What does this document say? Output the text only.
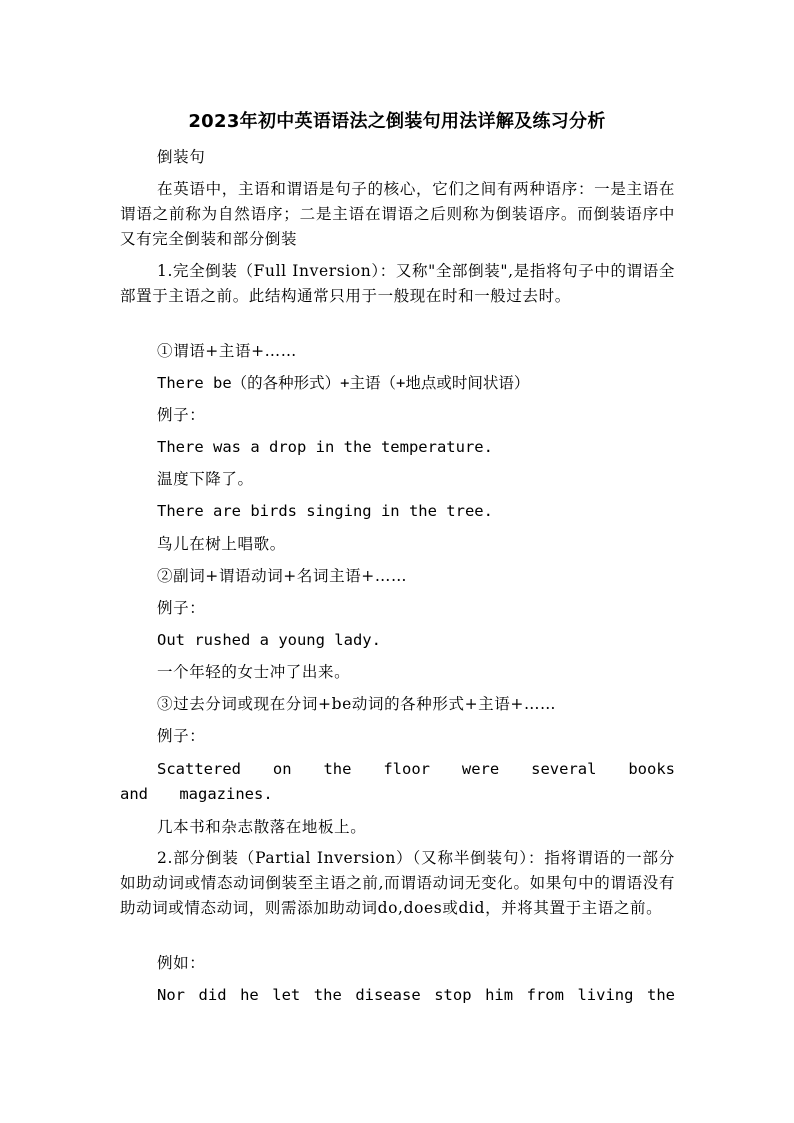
2023年初中英语语法之倒装句用法详解及练习分析

倒装句

在英语中，主语和谓语是句子的核心，它们之间有两种语序：一是主语在谓语之前称为自然语序；二是主语在谓语之后则称为倒装语序。而倒装语序中又有完全倒装和部分倒装

1.完全倒装（Full Inversion）：又称"全部倒装",是指将句子中的谓语全部置于主语之前。此结构通常只用于一般现在时和一般过去时。

①谓语+主语+……

There be（的各种形式）+主语（+地点或时间状语）

例子：

There was a drop in the temperature.

温度下降了。

There are birds singing in the tree.

鸟儿在树上唱歌。

②副词+谓语动词+名词主语+……

例子：

Out rushed a young lady.

一个年轻的女士冲了出来。

③过去分词或现在分词+be动词的各种形式+主语+……

例子：

Scattered on the floor were several books and magazines.

几本书和杂志散落在地板上。

2.部分倒装（Partial Inversion）（又称半倒装句）：指将谓语的一部分如助动词或情态动词倒装至主语之前,而谓语动词无变化。如果句中的谓语没有助动词或情态动词，则需添加助动词do,does或did，并将其置于主语之前。

例如：

Nor did he let the disease stop him from living the
